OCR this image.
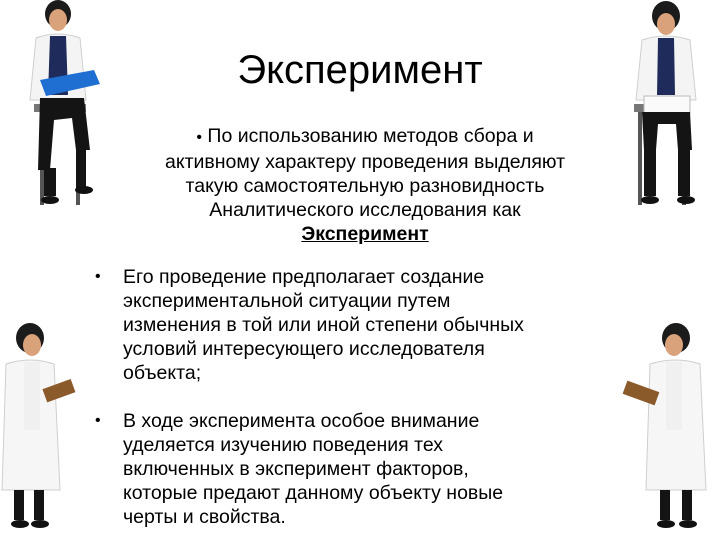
Эксперимент
• По использованию методов сбора и
активному характеру проведения выделяют
такую самостоятельную разновидность
Аналитического исследования как
Эксперимент
•	Его проведение предполагает создание
экспериментальной ситуации путем
изменения в той или иной степени обычных
условий интересующего исследователя
объекта;
•	В ходе эксперимента особое внимание
уделяется изучению поведения тех
включенных в эксперимент факторов,
которые предают данному объекту новые
черты и свойства.
